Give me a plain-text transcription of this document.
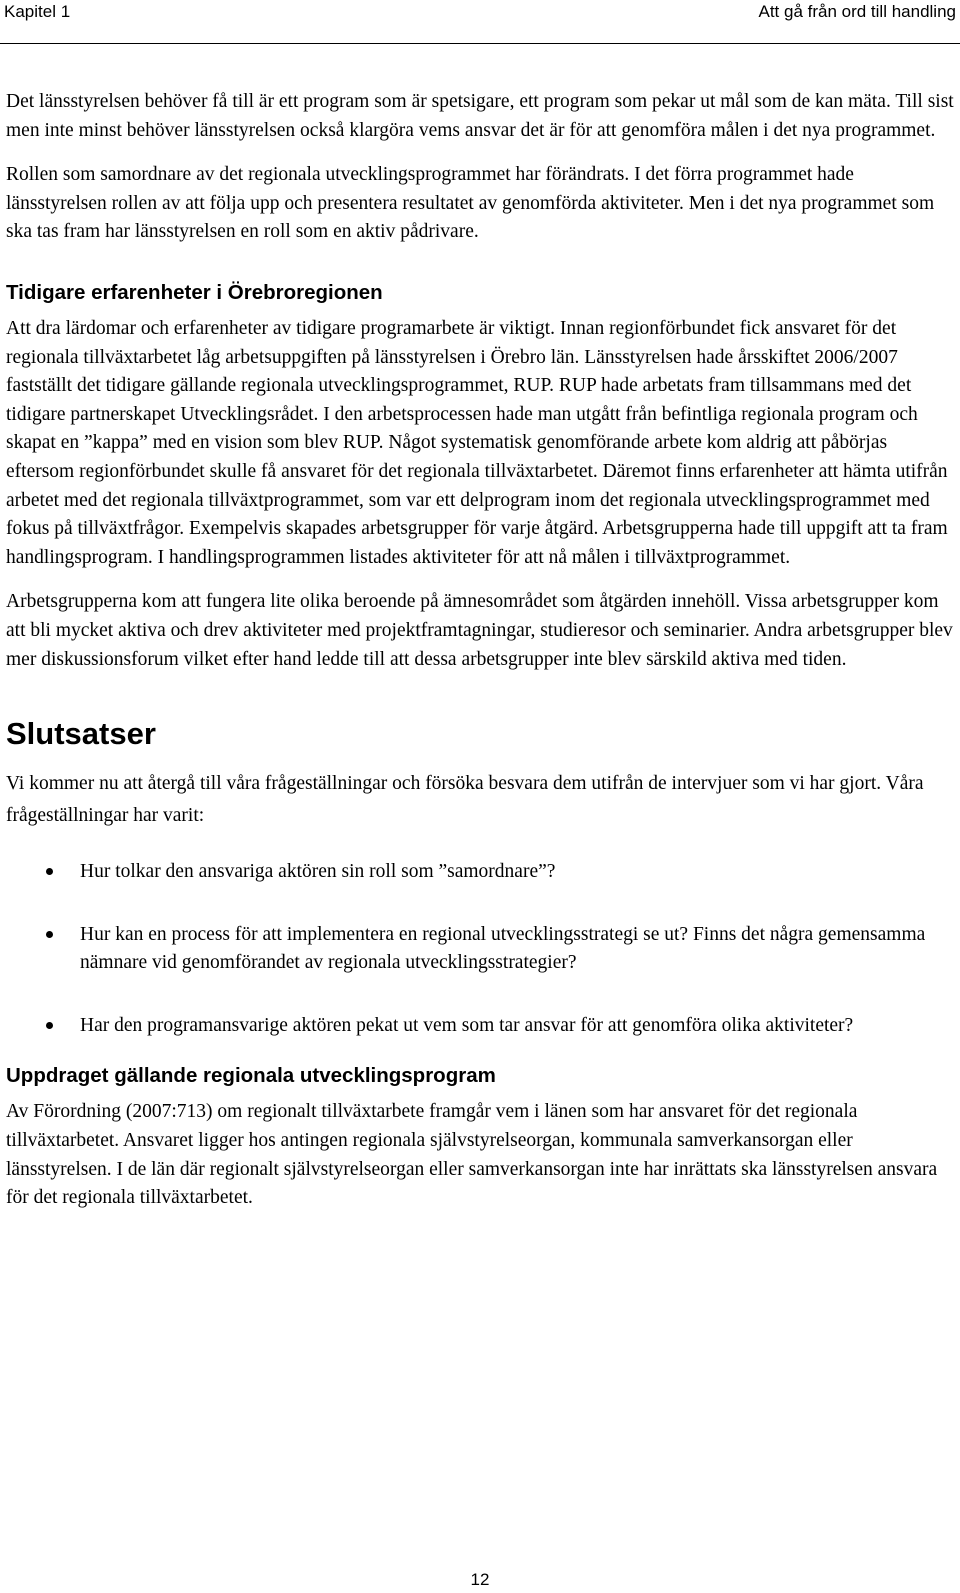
Kapitel 1	Att gå från ord till handling

Det länsstyrelsen behöver få till är ett program som är spetsigare, ett program som pekar ut mål som de kan mäta. Till sist men inte minst behöver länsstyrelsen också klargöra vems ansvar det är för att genomföra målen i det nya programmet.

Rollen som samordnare av det regionala utvecklingsprogrammet har förändrats. I det förra programmet hade länsstyrelsen rollen av att följa upp och presentera resultatet av genomförda aktiviteter. Men i det nya programmet som ska tas fram har länsstyrelsen en roll som en aktiv pådrivare.

Tidigare erfarenheter i Örebroregionen

Att dra lärdomar och erfarenheter av tidigare programarbete är viktigt. Innan regionförbundet fick ansvaret för det regionala tillväxtarbetet låg arbetsuppgiften på länsstyrelsen i Örebro län. Länsstyrelsen hade årsskiftet 2006/2007 fastställt det tidigare gällande regionala utvecklingsprogrammet, RUP. RUP hade arbetats fram tillsammans med det tidigare partnerskapet Utvecklingsrådet. I den arbetsprocessen hade man utgått från befintliga regionala program och skapat en ”kappa” med en vision som blev RUP. Något systematisk genomförande arbete kom aldrig att påbörjas eftersom regionförbundet skulle få ansvaret för det regionala tillväxtarbetet. Däremot finns erfarenheter att hämta utifrån arbetet med det regionala tillväxtprogrammet, som var ett delprogram inom det regionala utvecklingsprogrammet med fokus på tillväxtfrågor. Exempelvis skapades arbetsgrupper för varje åtgärd. Arbetsgrupperna hade till uppgift att ta fram handlingsprogram. I handlingsprogrammen listades aktiviteter för att nå målen i tillväxtprogrammet.

Arbetsgrupperna kom att fungera lite olika beroende på ämnesområdet som åtgärden innehöll. Vissa arbetsgrupper kom att bli mycket aktiva och drev aktiviteter med projektframtagningar, studieresor och seminarier. Andra arbetsgrupper blev mer diskussionsforum vilket efter hand ledde till att dessa arbetsgrupper inte blev särskild aktiva med tiden.

Slutsatser

Vi kommer nu att återgå till våra frågeställningar och försöka besvara dem utifrån de intervjuer som vi har gjort. Våra frågeställningar har varit:

Hur tolkar den ansvariga aktören sin roll som ”samordnare”?
Hur kan en process för att implementera en regional utvecklingsstrategi se ut? Finns det några gemensamma nämnare vid genomförandet av regionala utvecklingsstrategier?
Har den programansvarige aktören pekat ut vem som tar ansvar för att genomföra olika aktiviteter?
Uppdraget gällande regionala utvecklingsprogram

Av Förordning (2007:713) om regionalt tillväxtarbete framgår vem i länen som har ansvaret för det regionala tillväxtarbetet. Ansvaret ligger hos antingen regionala självstyrelseorgan, kommunala samverkansorgan eller länsstyrelsen. I de län där regionalt självstyrelseorgan eller samverkansorgan inte har inrättats ska länsstyrelsen ansvara för det regionala tillväxtarbetet.

12
